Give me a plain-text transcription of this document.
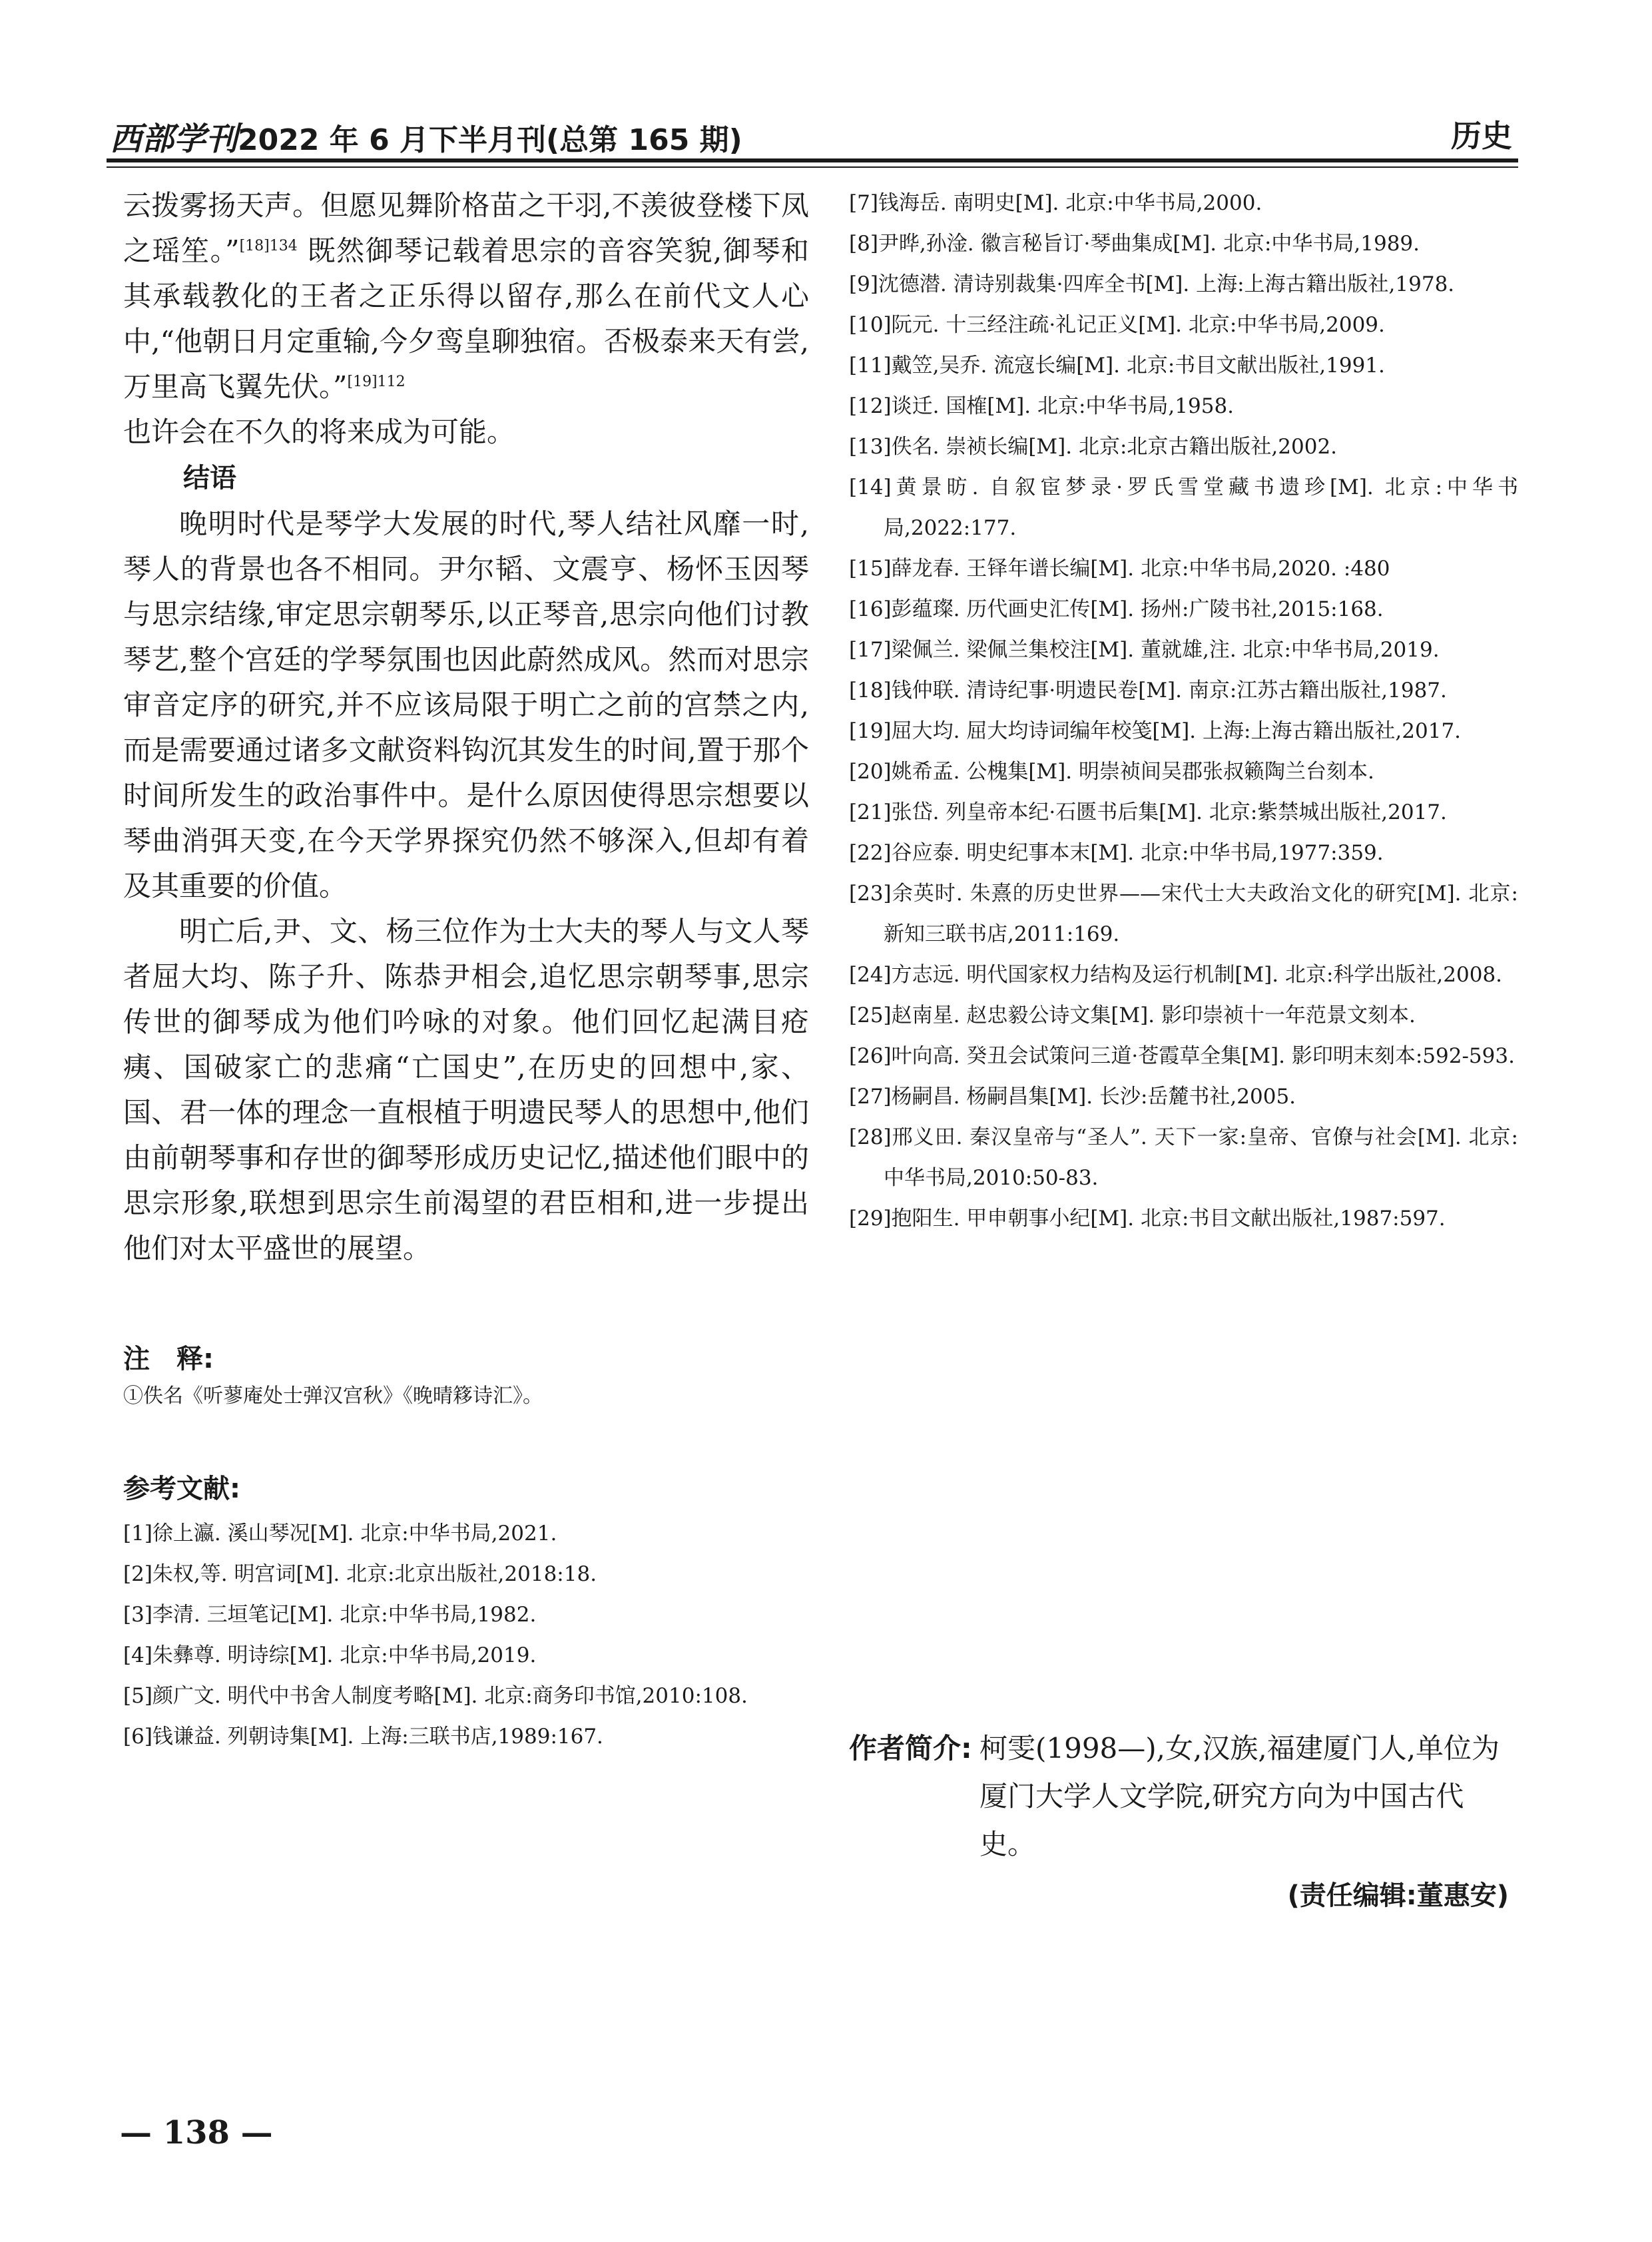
西部学刊2022 年 6 月下半月刊(总第 165 期)	历史

云拨雾扬天声。但愿见舞阶格苗之干羽,不羡彼登楼下凤之瑶笙。”$^{[18]134}$ 既然御琴记载着思宗的音容笑貌,御琴和其承载教化的王者之正乐得以留存,那么在前代文人心中,“他朝日月定重输,今夕鸾皇聊独宿。否极泰来天有尝,万里高飞翼先伏。”$^{[19]112}$
也许会在不久的将来成为可能。

结语

晚明时代是琴学大发展的时代,琴人结社风靡一时,琴人的背景也各不相同。尹尔韬、文震亨、杨怀玉因琴与思宗结缘,审定思宗朝琴乐,以正琴音,思宗向他们讨教琴艺,整个宫廷的学琴氛围也因此蔚然成风。然而对思宗审音定序的研究,并不应该局限于明亡之前的宫禁之内,而是需要通过诸多文献资料钩沉其发生的时间,置于那个时间所发生的政治事件中。是什么原因使得思宗想要以琴曲消弭天变,在今天学界探究仍然不够深入,但却有着及其重要的价值。

明亡后,尹、文、杨三位作为士大夫的琴人与文人琴者屈大均、陈子升、陈恭尹相会,追忆思宗朝琴事,思宗传世的御琴成为他们吟咏的对象。他们回忆起满目疮痍、国破家亡的悲痛“亡国史”,在历史的回想中,家、国、君一体的理念一直根植于明遗民琴人的思想中,他们由前朝琴事和存世的御琴形成历史记忆,描述他们眼中的思宗形象,联想到思宗生前渴望的君臣相和,进一步提出他们对太平盛世的展望。

注　释:

①佚名《听蓼庵处士弹汉宫秋》《晚晴簃诗汇》。

参考文献:

[1]徐上瀛. 溪山琴况[M]. 北京:中华书局,2021.

[2]朱权,等. 明宫词[M]. 北京:北京出版社,2018:18.

[3]李清. 三垣笔记[M]. 北京:中华书局,1982.

[4]朱彝尊. 明诗综[M]. 北京:中华书局,2019.

[5]颜广文. 明代中书舍人制度考略[M]. 北京:商务印书馆,2010:108.

[6]钱谦益. 列朝诗集[M]. 上海:三联书店,1989:167.

[7]钱海岳. 南明史[M]. 北京:中华书局,2000.

[8]尹晔,孙淦. 徽言秘旨订·琴曲集成[M]. 北京:中华书局,1989.

[9]沈德潜. 清诗别裁集·四库全书[M]. 上海:上海古籍出版社,1978.

[10]阮元. 十三经注疏·礼记正义[M]. 北京:中华书局,2009.

[11]戴笠,吴乔. 流寇长编[M]. 北京:书目文献出版社,1991.

[12]谈迁. 国榷[M]. 北京:中华书局,1958.

[13]佚名. 崇祯长编[M]. 北京:北京古籍出版社,2002.

[14]黄景昉. 自叙宦梦录·罗氏雪堂藏书遗珍[M]. 北京:中华书局,2022:177.

[15]薛龙春. 王铎年谱长编[M]. 北京:中华书局,2020. :480

[16]彭蕴璨. 历代画史汇传[M]. 扬州:广陵书社,2015:168.

[17]梁佩兰. 梁佩兰集校注[M]. 董就雄,注. 北京:中华书局,2019.

[18]钱仲联. 清诗纪事·明遗民卷[M]. 南京:江苏古籍出版社,1987.

[19]屈大均. 屈大均诗词编年校笺[M]. 上海:上海古籍出版社,2017.

[20]姚希孟. 公槐集[M]. 明崇祯间吴郡张叔籁陶兰台刻本.

[21]张岱. 列皇帝本纪·石匮书后集[M]. 北京:紫禁城出版社,2017.

[22]谷应泰. 明史纪事本末[M]. 北京:中华书局,1977:359.

[23]余英时. 朱熹的历史世界——宋代士大夫政治文化的研究[M]. 北京:新知三联书店,2011:169.

[24]方志远. 明代国家权力结构及运行机制[M]. 北京:科学出版社,2008.

[25]赵南星. 赵忠毅公诗文集[M]. 影印崇祯十一年范景文刻本.

[26]叶向高. 癸丑会试策问三道·苍霞草全集[M]. 影印明末刻本:592-593.

[27]杨嗣昌. 杨嗣昌集[M]. 长沙:岳麓书社,2005.

[28]邢义田. 秦汉皇帝与“圣人”. 天下一家:皇帝、官僚与社会[M]. 北京:中华书局,2010:50-83.

[29]抱阳生. 甲申朝事小纪[M]. 北京:书目文献出版社,1987:597.

作者简介: 柯雯(1998—),女,汉族,福建厦门人,单位为厦门大学人文学院,研究方向为中国古代史。
(责任编辑:董惠安)
— 138 —
